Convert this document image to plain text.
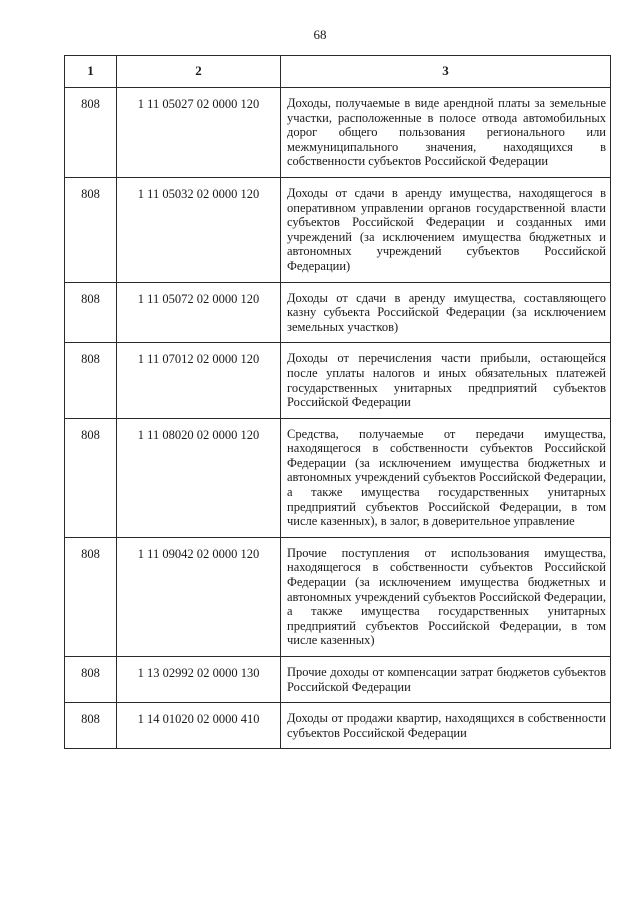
68
1	2	3
808	1 11 05027 02 0000 120	Доходы, получаемые в виде арендной платы за земельные участки, расположенные в полосе отвода автомобильных дорог общего пользования регионального или межмуниципального значения, находящихся в собственности субъектов Российской Федерации
808	1 11 05032 02 0000 120	Доходы от сдачи в аренду имущества, находящегося в оперативном управлении органов государственной власти субъектов Российской Федерации и созданных ими учреждений (за исключением имущества бюджетных и автономных учреждений субъектов Российской Федерации)
808	1 11 05072 02 0000 120	Доходы от сдачи в аренду имущества, составляющего казну субъекта Российской Федерации (за исключением земельных участков)
808	1 11 07012 02 0000 120	Доходы от перечисления части прибыли, остающейся после уплаты налогов и иных обязательных платежей государственных унитарных предприятий субъектов Российской Федерации
808	1 11 08020 02 0000 120	Средства, получаемые от передачи имущества, находящегося в собственности субъектов Российской Федерации (за исключением имущества бюджетных и автономных учреждений субъектов Российской Федерации, а также имущества государственных унитарных предприятий субъектов Российской Федерации, в том числе казенных), в залог, в доверительное управление
808	1 11 09042 02 0000 120	Прочие поступления от использования имущества, находящегося в собственности субъектов Российской Федерации (за исключением имущества бюджетных и автономных учреждений субъектов Российской Федерации, а также имущества государственных унитарных предприятий субъектов Российской Федерации, в том числе казенных)
808	1 13 02992 02 0000 130	Прочие доходы от компенсации затрат бюджетов субъектов Российской Федерации
808	1 14 01020 02 0000 410	Доходы от продажи квартир, находящихся в собственности субъектов Российской Федерации
